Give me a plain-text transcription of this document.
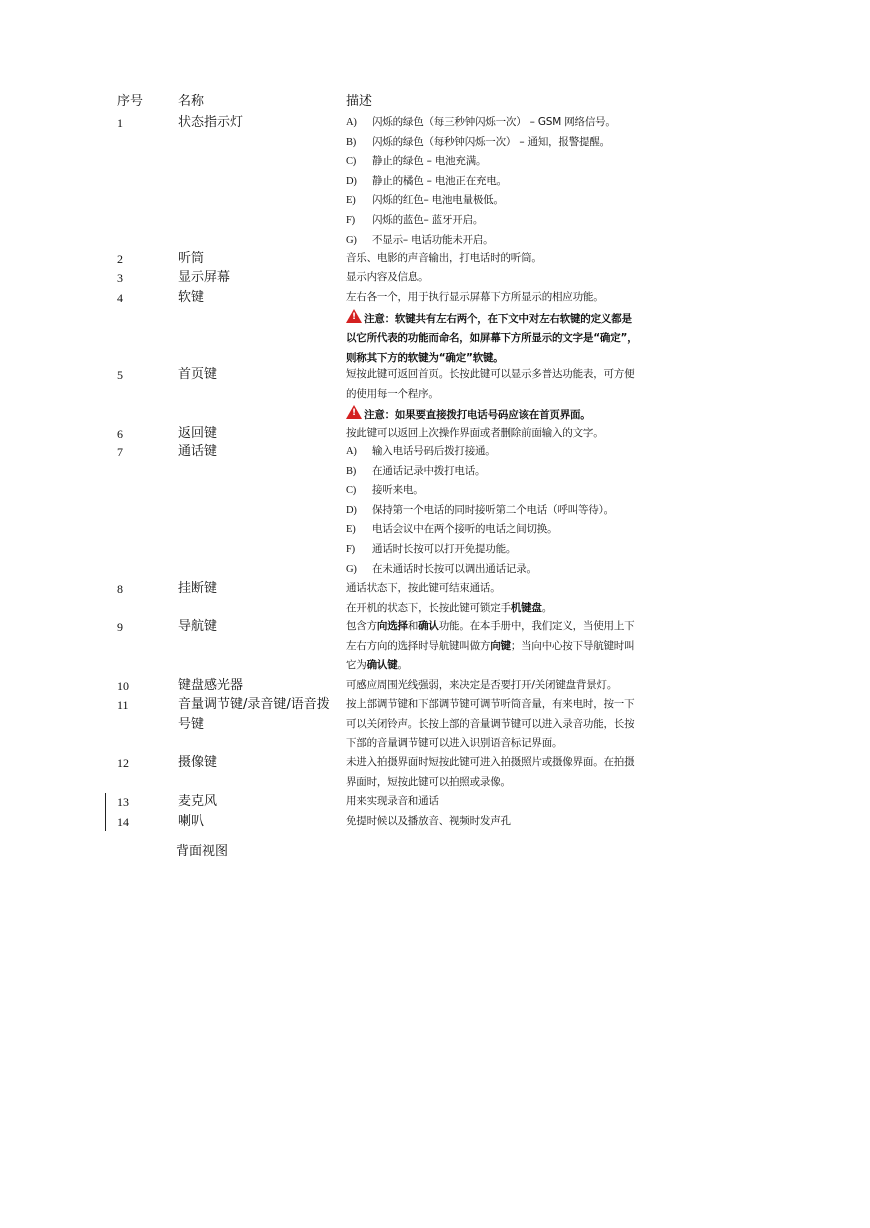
序号	名称	描述
1	状态指示灯	A) 闪烁的绿色（每三秒钟闪烁一次） – GSM 网络信号。
B) 闪烁的绿色（每秒钟闪烁一次） – 通知，报警提醒。
C) 静止的绿色 – 电池充满。
D) 静止的橘色 – 电池正在充电。
E) 闪烁的红色– 电池电量极低。
F) 闪烁的蓝色– 蓝牙开启。
G) 不显示– 电话功能未开启。
2	听筒	音乐、电影的声音输出，打电话时的听筒。
3	显示屏幕	显示内容及信息。
4	软键	左右各一个，用于执行显示屏幕下方所显示的相应功能。
!注意：软键共有左右两个，在下文中对左右软键的定义都是以它所代表的功能而命名，如屏幕下方所显示的文字是“确定”，则称其下方的软键为“确定”软键。
5	首页键	短按此键可返回首页。长按此键可以显示多普达功能表，可方便的使用每一个程序。
!注意：如果要直接拨打电话号码应该在首页界面。
6	返回键	按此键可以返回上次操作界面或者删除前面输入的文字。
7	通话键	A) 输入电话号码后拨打接通。
B) 在通话记录中拨打电话。
C) 接听来电。
D) 保持第一个电话的同时接听第二个电话（呼叫等待）。
E) 电话会议中在两个接听的电话之间切换。
F) 通话时长按可以打开免提功能。
G) 在未通话时长按可以调出通话记录。
8	挂断键	通话状态下，按此键可结束通话。
在开机的状态下，长按此键可锁定手机键盘。
9	导航键	包含方向选择和确认功能。在本手册中，我们定义，当使用上下左右方向的选择时导航键叫做方向键；当向中心按下导航键时叫它为确认键。
10	键盘感光器	可感应周围光线强弱，来决定是否要打开/关闭键盘背景灯。
11	音量调节键/录音键/语音拨号键
按上部调节键和下部调节键可调节听筒音量，有来电时，按一下可以关闭铃声。长按上部的音量调节键可以进入录音功能，长按下部的音量调节键可以进入识别语音标记界面。
12	摄像键	未进入拍摄界面时短按此键可进入拍摄照片或摄像界面。在拍摄界面时，短按此键可以拍照或录像。
13	麦克风	用来实现录音和通话
14	喇叭	免提时候以及播放音、视频时发声孔
背面视图
